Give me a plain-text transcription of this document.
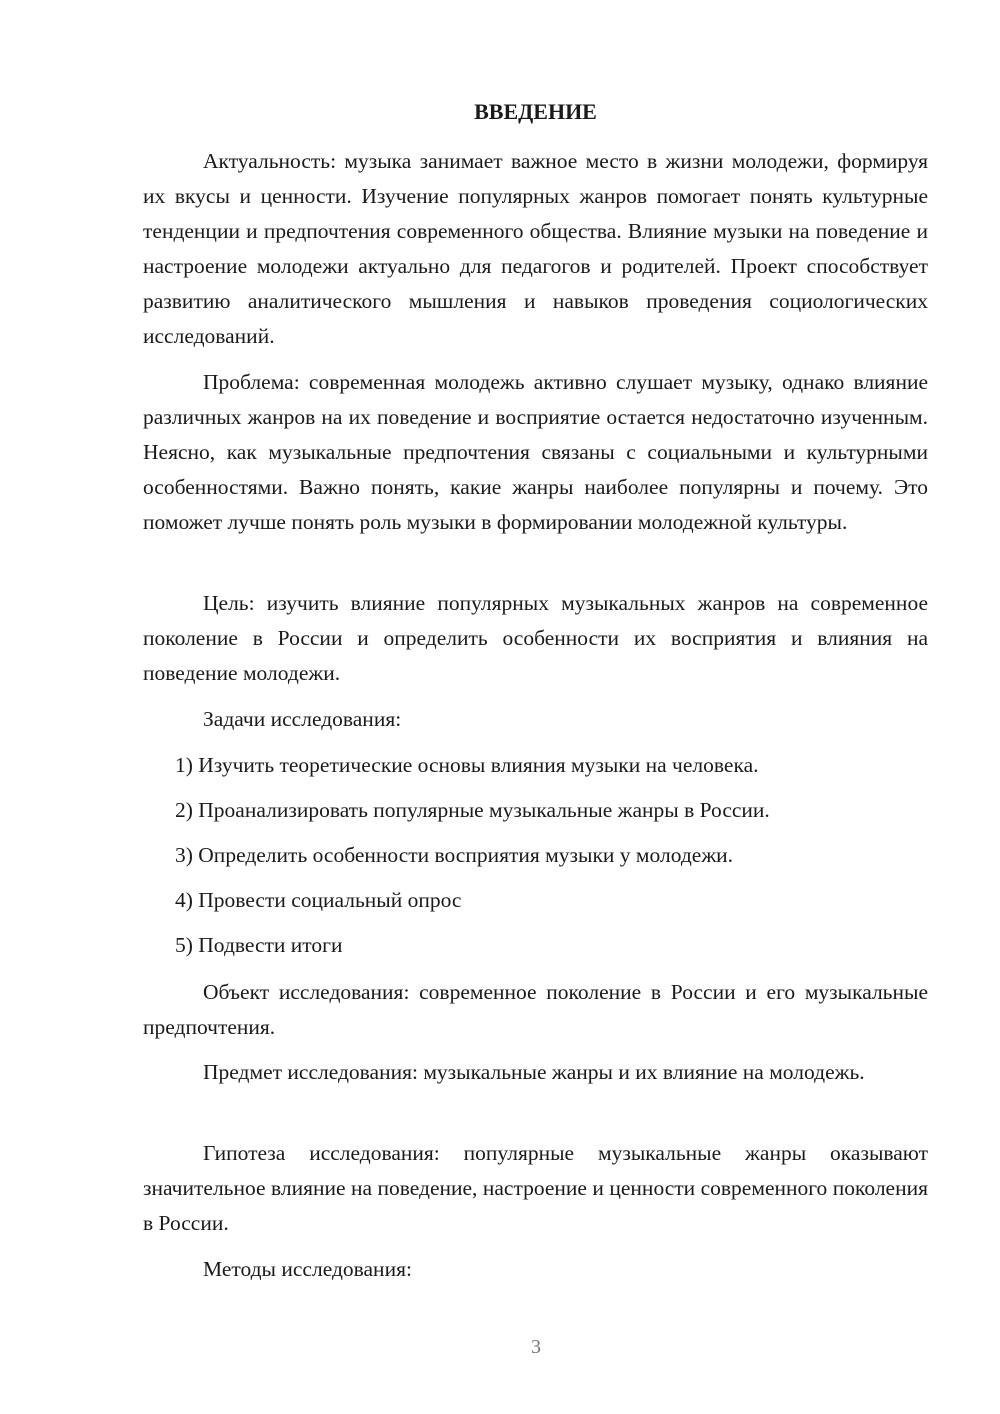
ВВЕДЕНИЕ

Актуальность: музыка занимает важное место в жизни молодежи, формируя их вкусы и ценности. Изучение популярных жанров помогает понять культурные тенденции и предпочтения современного общества. Влияние музыки на поведение и настроение молодежи актуально для педагогов и родителей. Проект способствует развитию аналитического мышления и навыков проведения социологических исследований.

Проблема: современная молодежь активно слушает музыку, однако влияние различных жанров на их поведение и восприятие остается недостаточно изученным. Неясно, как музыкальные предпочтения связаны с социальными и культурными особенностями. Важно понять, какие жанры наиболее популярны и почему. Это поможет лучше понять роль музыки в формировании молодежной культуры.

Цель: изучить влияние популярных музыкальных жанров на современное поколение в России и определить особенности их восприятия и влияния на поведение молодежи.

Задачи исследования:

1) Изучить теоретические основы влияния музыки на человека.

2) Проанализировать популярные музыкальные жанры в России.

3) Определить особенности восприятия музыки у молодежи.

4) Провести социальный опрос

5) Подвести итоги

Объект исследования: современное поколение в России и его музыкальные предпочтения.

Предмет исследования: музыкальные жанры и их влияние на молодежь.

Гипотеза исследования: популярные музыкальные жанры оказывают значительное влияние на поведение, настроение и ценности современного поколения в России.

Методы исследования:

3
